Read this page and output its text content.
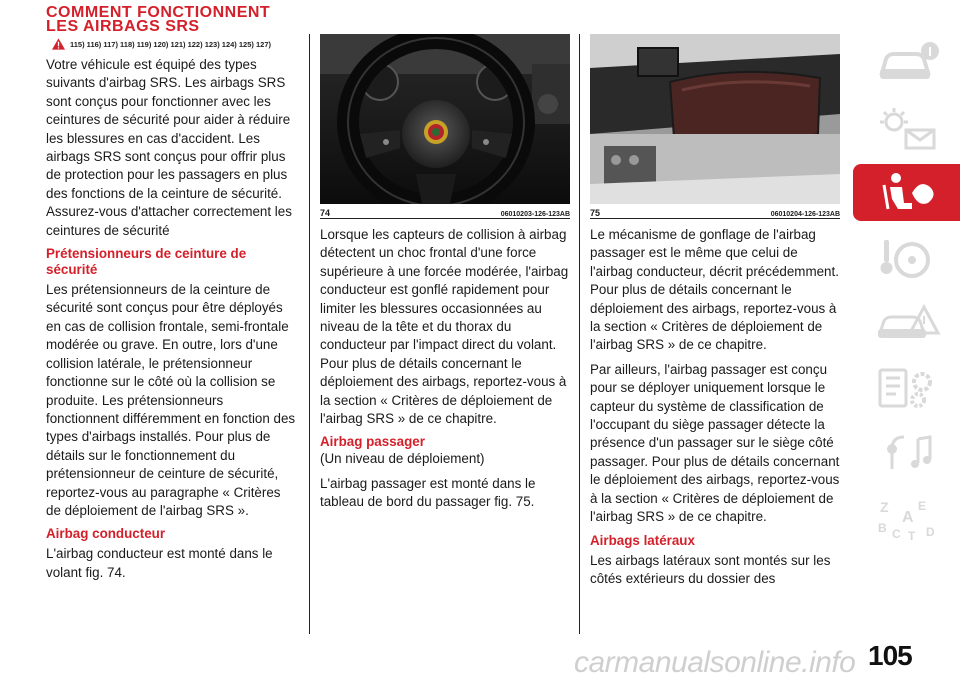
COMMENT FONCTIONNENT LES AIRBAGS SRS
115) 116) 117) 118) 119) 120) 121) 122) 123) 124) 125) 127)

Votre véhicule est équipé des types suivants d'airbag SRS. Les airbags SRS sont conçus pour fonctionner avec les ceintures de sécurité pour aider à réduire les blessures en cas d'accident. Les airbags SRS sont conçus pour offrir plus de protection pour les passagers en plus des fonctions de la ceinture de sécurité. Assurez-vous d'attacher correctement les ceintures de sécurité

Prétensionneurs de ceinture de sécurité

Les prétensionneurs de la ceinture de sécurité sont conçus pour être déployés en cas de collision frontale, semi-frontale modérée ou grave. En outre, lors d'une collision latérale, le prétensionneur fonctionne sur le côté où la collision se produite. Les prétensionneurs fonctionnent différemment en fonction des types d'airbags installés. Pour plus de détails sur le fonctionnement du prétensionneur de ceinture de sécurité, reportez-vous au paragraphe « Critères de déploiement de l'airbag SRS ».

Airbag conducteur

L'airbag conducteur est monté dans le volant fig. 74.

74	06010203-126-123AB

Lorsque les capteurs de collision à airbag détectent un choc frontal d'une force supérieure à une forcée modérée, l'airbag conducteur est gonflé rapidement pour limiter les blessures occasionnées au niveau de la tête et du thorax du conducteur par l'impact direct du volant. Pour plus de détails concernant le déploiement des airbags, reportez-vous à la section « Critères de déploiement de l'airbag SRS » de ce chapitre.

Airbag passager

(Un niveau de déploiement)

L'airbag passager est monté dans le tableau de bord du passager fig. 75.

75	06010204-126-123AB

Le mécanisme de gonflage de l'airbag passager est le même que celui de l'airbag conducteur, décrit précédemment. Pour plus de détails concernant le déploiement des airbags, reportez-vous à la section « Critères de déploiement de l'airbag SRS » de ce chapitre.

Par ailleurs, l'airbag passager est conçu pour se déployer uniquement lorsque le capteur du système de classification de l'occupant du siège passager détecte la présence d'un passager sur le siège côté passager. Pour plus de détails concernant le déploiement des airbags, reportez-vous à la section « Critères de déploiement de l'airbag SRS » de ce chapitre.

Airbags latéraux

Les airbags latéraux sont montés sur les côtés extérieurs du dossier des

Z E
A
B C T D
105
carmanualsonline.info
